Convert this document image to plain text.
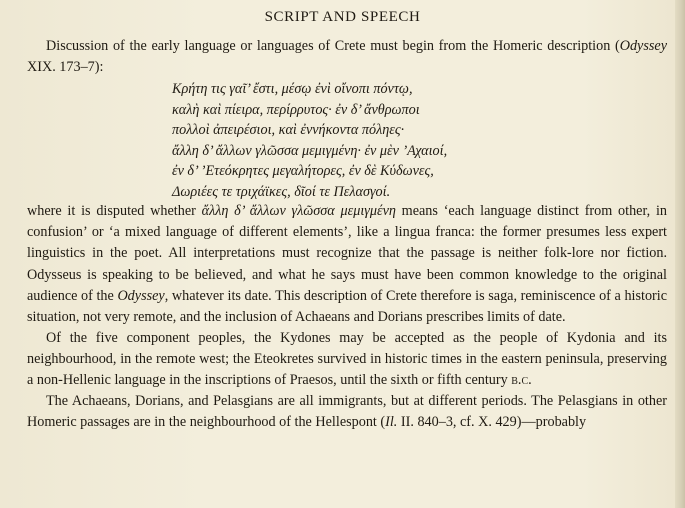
SCRIPT AND SPEECH

Discussion of the early language or languages of Crete must begin from the Homeric description (Odyssey XIX. 173–7):

Κρήτη τις γαῖ’ ἔστι, μέσῳ ἐνὶ οἴνοπι πόντῳ,
καλὴ καὶ πίειρα, περίρρυτος· ἐν δ’ ἄνθρωποι
πολλοὶ ἀπειρέσιοι, καὶ ἐννήκοντα πόληες·
ἄλλη δ’ ἄλλων γλῶσσα μεμιγμένη· ἐν μὲν ’Αχαιοί,
ἐν δ’ ’Ετεόκρητες μεγαλήτορες, ἐν δὲ Κύδωνες,
Δωριέες τε τριχάϊκες, δῖοί τε Πελασγοί.

where it is disputed whether ἄλλη δ’ ἄλλων γλῶσσα μεμιγμένη means ‘each language distinct from other, in confusion’ or ‘a mixed language of different elements’, like a lingua franca: the former presumes less expert linguistics in the poet. All interpretations must recognize that the passage is neither folk-lore nor fiction. Odysseus is speaking to be believed, and what he says must have been common knowledge to the original audience of the Odyssey, whatever its date. This description of Crete therefore is saga, reminiscence of a historic situation, not very remote, and the inclusion of Achaeans and Dorians prescribes limits of date.

Of the five component peoples, the Kydones may be accepted as the people of Kydonia and its neighbourhood, in the remote west; the Eteokretes survived in historic times in the eastern peninsula, preserving a non-Hellenic language in the inscriptions of Praesos, until the sixth or fifth century b.c.

The Achaeans, Dorians, and Pelasgians are all immigrants, but at different periods. The Pelasgians in other Homeric passages are in the neighbourhood of the Hellespont (Il. II. 840–3, cf. X. 429)—probably
